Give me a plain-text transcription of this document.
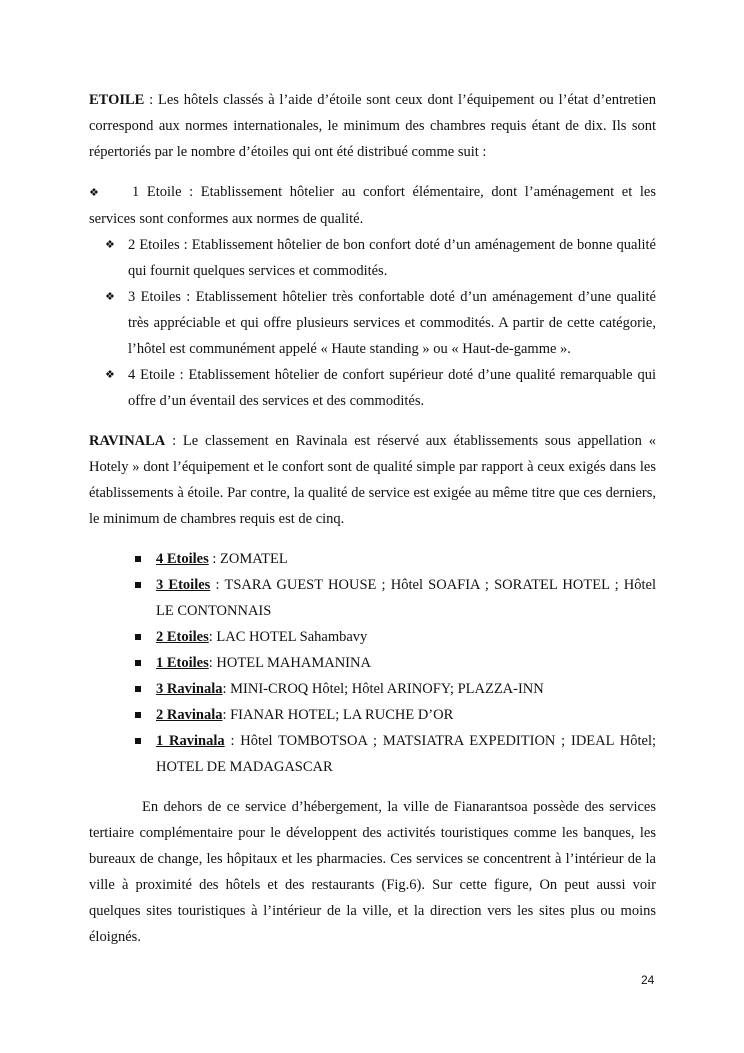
ETOILE : Les hôtels classés à l’aide d’étoile sont ceux dont l’équipement ou l’état d’entretien correspond aux normes internationales, le minimum des chambres requis étant de dix. Ils sont répertoriés par le nombre d’étoiles qui ont été distribué comme suit :

❖ 1 Etoile : Etablissement hôtelier au confort élémentaire, dont l’aménagement et les services sont conformes aux normes de qualité.

❖ 2 Etoiles : Etablissement hôtelier de bon confort doté d’un aménagement de bonne qualité qui fournit quelques services et commodités.
❖ 3 Etoiles : Etablissement hôtelier très confortable doté d’un aménagement d’une qualité très appréciable et qui offre plusieurs services et commodités. A partir de cette catégorie, l’hôtel est communément appelé « Haute standing » ou « Haut-de-gamme ».
❖ 4 Etoile : Etablissement hôtelier de confort supérieur doté d’une qualité remarquable qui offre d’un éventail des services et des commodités.

RAVINALA : Le classement en Ravinala est réservé aux établissements sous appellation « Hotely » dont l’équipement et le confort sont de qualité simple par rapport à ceux exigés dans les établissements à étoile. Par contre, la qualité de service est exigée au même titre que ces derniers, le minimum de chambres requis est de cinq.

4 Etoiles : ZOMATEL
3 Etoiles : TSARA GUEST HOUSE ; Hôtel SOAFIA ; SORATEL HOTEL ; Hôtel LE CONTONNAIS
2 Etoiles: LAC HOTEL Sahambavy
1 Etoiles: HOTEL MAHAMANINA
3 Ravinala: MINI-CROQ Hôtel; Hôtel ARINOFY; PLAZZA-INN
2 Ravinala: FIANAR HOTEL; LA RUCHE D’OR
1 Ravinala : Hôtel TOMBOTSOA ; MATSIATRA EXPEDITION ; IDEAL Hôtel; HOTEL DE MADAGASCAR

En dehors de ce service d’hébergement, la ville de Fianarantsoa possède des services tertiaire complémentaire pour le développent des activités touristiques comme les banques, les bureaux de change, les hôpitaux et les pharmacies. Ces services se concentrent à l’intérieur de la ville à proximité des hôtels et des restaurants (Fig.6). Sur cette figure, On peut aussi voir quelques sites touristiques à l’intérieur de la ville, et la direction vers les sites plus ou moins éloignés.

24
